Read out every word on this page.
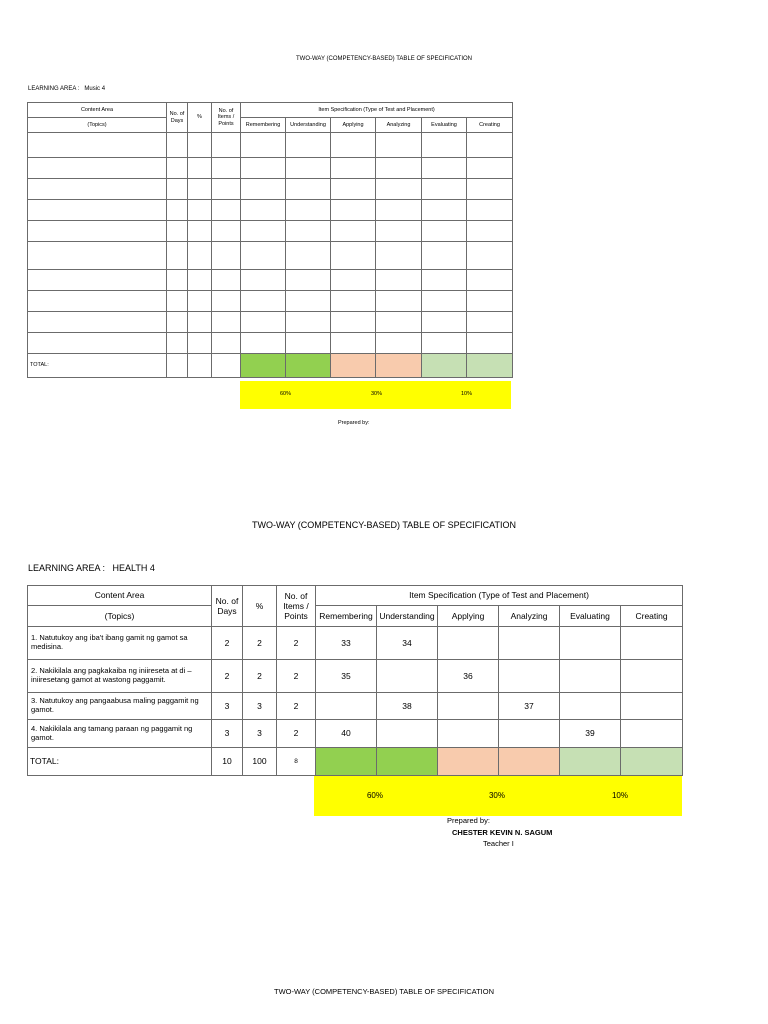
TWO-WAY (COMPETENCY-BASED) TABLE OF SPECIFICATION
LEARNING AREA : Music 4
Content Area	No. of Days	%	No. of Items / Points	Item Specification (Type of Test and Placement)					
(Topics)				Remembering	Understanding	Applying	Analyzing	Evaluating	Creating

TOTAL:									
60%	30%	10%
Prepared by:
TWO-WAY (COMPETENCY-BASED) TABLE OF SPECIFICATION
LEARNING AREA : HEALTH 4
Content Area	No. of Days	%	No. of Items / Points	Item Specification (Type of Test and Placement)					
(Topics)				Remembering	Understanding	Applying	Analyzing	Evaluating	Creating
1. Natutukoy ang iba't ibang gamit ng gamot sa medisina.	2	2	2	33	34				
2. Nakikilala ang pagkakaiba ng iniireseta at di – iniiresetang gamot at wastong paggamit.	2	2	2	35		36			
3. Natutukoy ang pangaabusa maling paggamit ng gamot.	3	3	2		38		37		
4. Nakikilala ang tamang paraan ng paggamit ng gamot.	3	3	2	40				39	
TOTAL:	10	100	8						
60%	30%	10%
Prepared by:
CHESTER KEVIN N. SAGUM
Teacher I
TWO-WAY (COMPETENCY-BASED) TABLE OF SPECIFICATION
